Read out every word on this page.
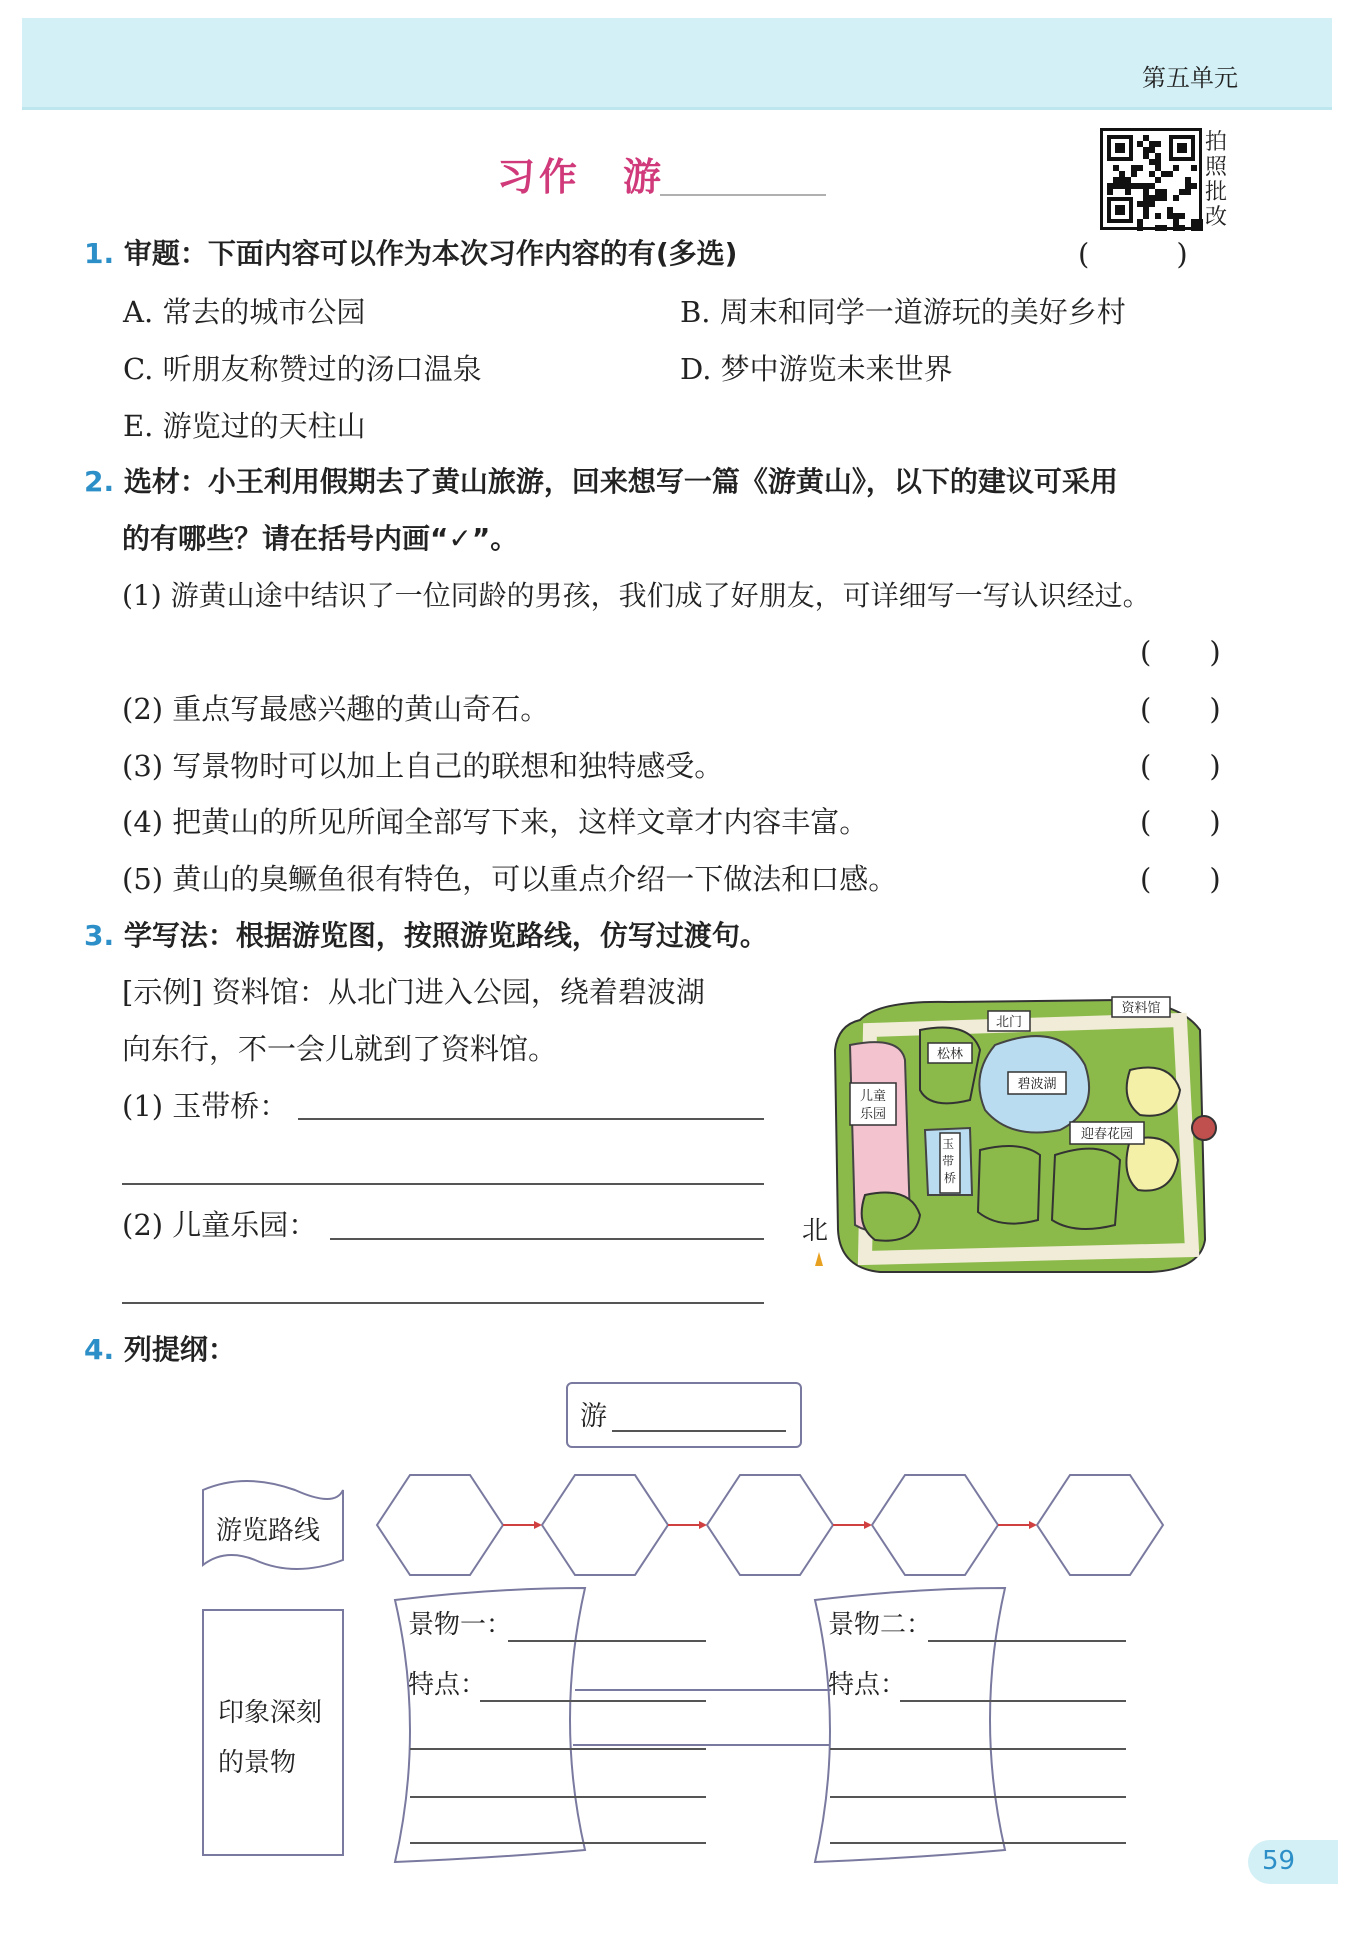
第五单元
习作　游
拍照批改
1. 审题：下面内容可以作为本次习作内容的有(多选)	(　　　)
A. 常去的城市公园	B. 周末和同学一道游玩的美好乡村
C. 听朋友称赞过的汤口温泉	D. 梦中游览未来世界
E. 游览过的天柱山
2. 选材：小王利用假期去了黄山旅游，回来想写一篇《游黄山》，以下的建议可采用
的有哪些？请在括号内画“✓”。
(1) 游黄山途中结识了一位同龄的男孩，我们成了好朋友，可详细写一写认识经过。
(　　)
(2) 重点写最感兴趣的黄山奇石。	(　　)
(3) 写景物时可以加上自己的联想和独特感受。	(　　)
(4) 把黄山的所见所闻全部写下来，这样文章才内容丰富。	(　　)
(5) 黄山的臭鳜鱼很有特色，可以重点介绍一下做法和口感。	(　　)
3. 学写法：根据游览图，按照游览路线，仿写过渡句。
[示例] 资料馆：从北门进入公园，绕着碧波湖
向东行，不一会儿就到了资料馆。
(1) 玉带桥：
(2) 儿童乐园：
北门
资料馆
松林
碧波湖
儿童
乐园
玉 带 桥
迎春花园
北
4. 列提纲：
游
游览路线
印象深刻
的景物
景物一：
特点：
景物二：
特点：
59
